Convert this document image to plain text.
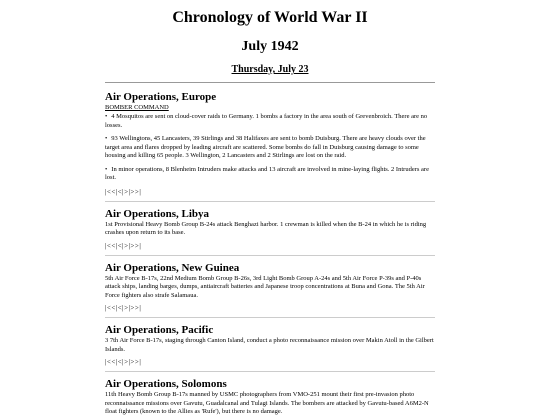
Chronology of World War II
July 1942
Thursday, July 23
Air Operations, Europe
BOMBER COMMAND
• 4 Mosquitos are sent on cloud-cover raids to Germany. 1 bombs a factory in the area south of Grevenbroich. There are no losses.
• 93 Wellingtons, 45 Lancasters, 39 Stirlings and 38 Halifaxes are sent to bomb Duisburg. There are heavy clouds over the target area and flares dropped by leading aircraft are scattered. Some bombs do fall in Duisburg causing damage to some housing and killing 65 people. 3 Wellington, 2 Lancasters and 2 Stirlings are lost on the raid.
• In minor operations, 8 Blenheim Intruders make attacks and 13 aircraft are involved in mine-laying flights. 2 Intruders are lost.
|<<|<|>|>>|
Air Operations, Libya
1st Provisional Heavy Bomb Group B-24s attack Benghazi harbor. 1 crewman is killed when the B-24 in which he is riding crashes upon return to its base.
|<<|<|>|>>|
Air Operations, New Guinea
5th Air Force B-17s, 22nd Medium Bomb Group B-26s, 3rd Light Bomb Group A-24s and 5th Air Force P-39s and P-40s attack ships, landing barges, dumps, antiaircraft batteries and Japanese troop concentrations at Buna and Gona. The 5th Air Force fighters also strafe Salamaua.
|<<|<|>|>>|
Air Operations, Pacific
3 7th Air Force B-17s, staging through Canton Island, conduct a photo reconnaissance mission over Makin Atoll in the Gilbert Islands.
|<<|<|>|>>|
Air Operations, Solomons
11th Heavy Bomb Group B-17s manned by USMC photographers from VMO-251 mount their first pre-invasion photo reconnaissance missions over Gavutu, Guadalcanal and Tulagi Islands. The bombers are attacked by Gavutu-based A6M2-N float fighters (known to the Allies as 'Rufe'), but there is no damage.
